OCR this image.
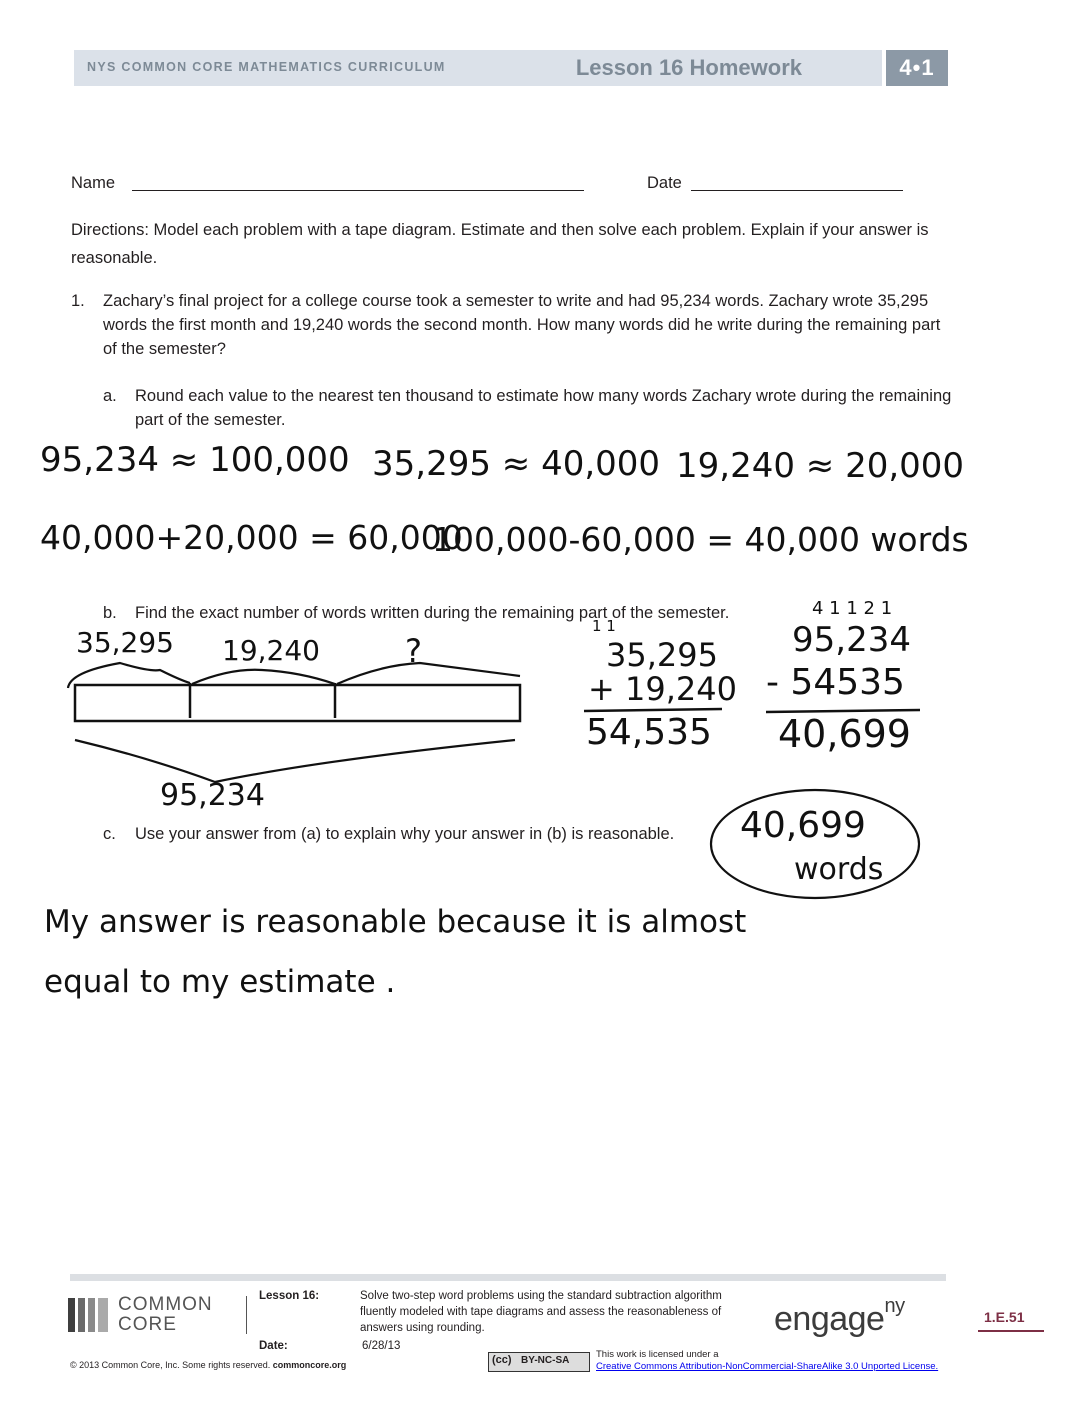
NYS COMMON CORE MATHEMATICS CURRICULUM	Lesson 16 Homework	4•1
Name	Date
Directions: Model each problem with a tape diagram. Estimate and then solve each problem. Explain if your answer is reasonable.
1. Zachary’s final project for a college course took a semester to write and had 95,234 words. Zachary wrote 35,295 words the first month and 19,240 words the second month. How many words did he write during the remaining part of the semester?
a. Round each value to the nearest ten thousand to estimate how many words Zachary wrote during the remaining part of the semester.
95,234 ≈ 100,000 35,295 ≈ 40,000 19,240 ≈ 20,000
40,000+20,000 = 60,000
100,000-60,000 = 40,000 words
b. Find the exact number of words written during the remaining part of the semester.
35,295 19,240	?
95,234
1 1
35,295
+ 19,240
54,535
4 1 1 2 1
95,234
- 54535
40,699
c. Use your answer from (a) to explain why your answer in (b) is reasonable.	40,699
words
My answer is reasonable because it is almost
equal to my estimate .
COMMON
CORE
Lesson 16:	Solve two-step word problems using the standard subtraction algorithm fluently modeled with tape diagrams and assess the reasonableness of answers using rounding.
Date:	6/28/13
© 2013 Common Core, Inc. Some rights reserved. commoncore.org	(cc) BY-NC-SA
This work is licensed under a
Creative Commons Attribution-NonCommercial-ShareAlike 3.0 Unported License.
engage$^{ny}$
1.E.51
